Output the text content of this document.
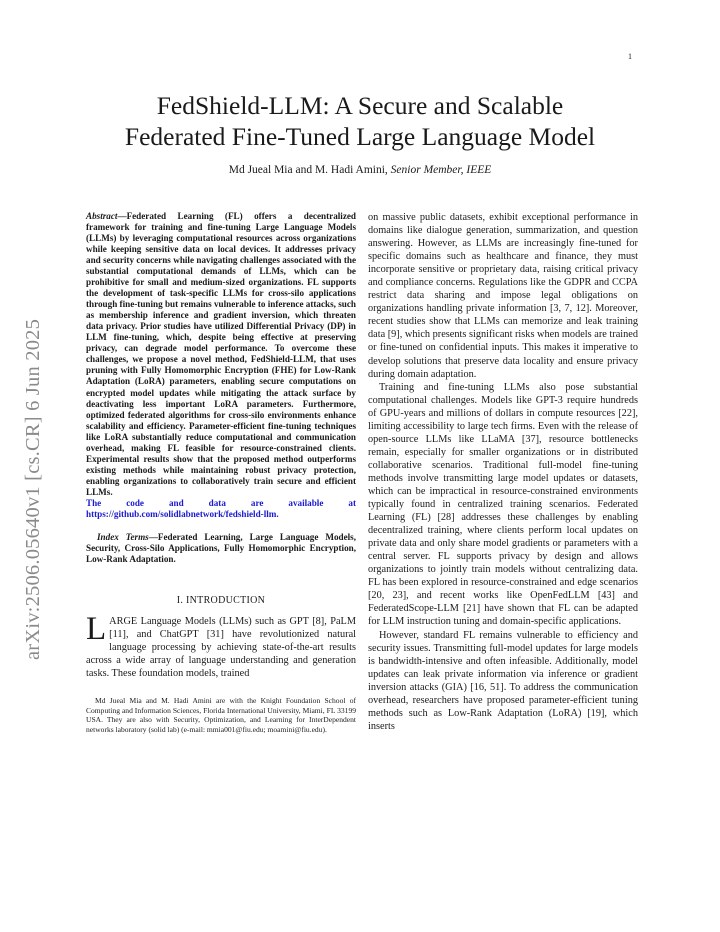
1
arXiv:2506.05640v1 [cs.CR] 6 Jun 2025
FedShield-LLM: A Secure and Scalable
Federated Fine-Tuned Large Language Model
Md Jueal Mia and M. Hadi Amini, Senior Member, IEEE

Abstract—Federated Learning (FL) offers a decentralized framework for training and fine-tuning Large Language Models (LLMs) by leveraging computational resources across organizations while keeping sensitive data on local devices. It addresses privacy and security concerns while navigating challenges associated with the substantial computational demands of LLMs, which can be prohibitive for small and medium-sized organizations. FL supports the development of task-specific LLMs for cross-silo applications through fine-tuning but remains vulnerable to inference attacks, such as membership inference and gradient inversion, which threaten data privacy. Prior studies have utilized Differential Privacy (DP) in LLM fine-tuning, which, despite being effective at preserving privacy, can degrade model performance. To overcome these challenges, we propose a novel method, FedShield-LLM, that uses pruning with Fully Homomorphic Encryption (FHE) for Low-Rank Adaptation (LoRA) parameters, enabling secure computations on encrypted model updates while mitigating the attack surface by deactivating less important LoRA parameters. Furthermore, optimized federated algorithms for cross-silo environments enhance scalability and efficiency. Parameter-efficient fine-tuning techniques like LoRA substantially reduce computational and communication overhead, making FL feasible for resource-constrained clients. Experimental results show that the proposed method outperforms existing methods while maintaining robust privacy protection, enabling organizations to collaboratively train secure and efficient LLMs.

The code and data are available at https://github.com/solidlabnetwork/fedshield-llm.

Index Terms—Federated Learning, Large Language Models, Security, Cross-Silo Applications, Fully Homomorphic Encryption, Low-Rank Adaptation.

I. INTRODUCTION

LARGE Language Models (LLMs) such as GPT [8], PaLM [11], and ChatGPT [31] have revolutionized natural language processing by achieving state-of-the-art results across a wide array of language understanding and generation tasks. These foundation models, trained

Md Jueal Mia and M. Hadi Amini are with the Knight Foundation School of Computing and Information Sciences, Florida International University, Miami, FL 33199 USA. They are also with Security, Optimization, and Learning for InterDependent networks laboratory (solid lab) (e-mail: mmia001@fiu.edu; moamini@fiu.edu).

on massive public datasets, exhibit exceptional performance in domains like dialogue generation, summarization, and question answering. However, as LLMs are increasingly fine-tuned for specific domains such as healthcare and finance, they must incorporate sensitive or proprietary data, raising critical privacy and compliance concerns. Regulations like the GDPR and CCPA restrict data sharing and impose legal obligations on organizations handling private information [3, 7, 12]. Moreover, recent studies show that LLMs can memorize and leak training data [9], which presents significant risks when models are trained or fine-tuned on confidential inputs. This makes it imperative to develop solutions that preserve data locality and ensure privacy during domain adaptation.

Training and fine-tuning LLMs also pose substantial computational challenges. Models like GPT-3 require hundreds of GPU-years and millions of dollars in compute resources [22], limiting accessibility to large tech firms. Even with the release of open-source LLMs like LLaMA [37], resource bottlenecks remain, especially for smaller organizations or in distributed collaborative scenarios. Traditional full-model fine-tuning methods involve transmitting large model updates or datasets, which can be impractical in resource-constrained environments typically found in centralized training scenarios. Federated Learning (FL) [28] addresses these challenges by enabling decentralized training, where clients perform local updates on private data and only share model gradients or parameters with a central server. FL supports privacy by design and allows organizations to jointly train models without centralizing data. FL has been explored in resource-constrained and edge scenarios [20, 23], and recent works like OpenFedLLM [43] and FederatedScope-LLM [21] have shown that FL can be adapted for LLM instruction tuning and domain-specific applications.

However, standard FL remains vulnerable to efficiency and security issues. Transmitting full-model updates for large models is bandwidth-intensive and often infeasible. Additionally, model updates can leak private information via inference or gradient inversion attacks (GIA) [16, 51]. To address the communication overhead, researchers have proposed parameter-efficient tuning methods such as Low-Rank Adaptation (LoRA) [19], which inserts
